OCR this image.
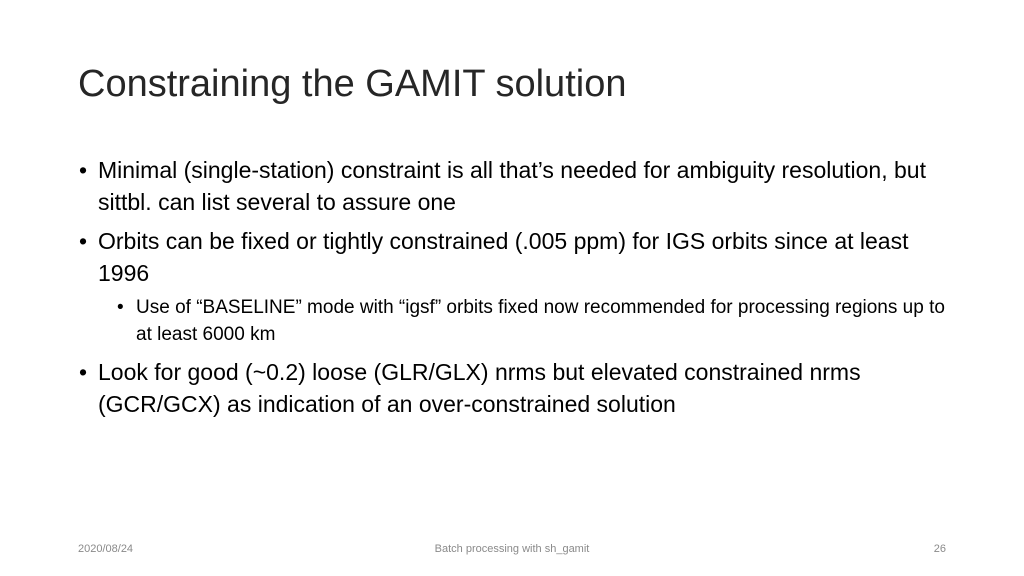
Constraining the GAMIT solution
• Minimal (single-station) constraint is all that’s needed for ambiguity resolution, but sittbl. can list several to assure one
• Orbits can be fixed or tightly constrained (.005 ppm) for IGS orbits since at least 1996
• Use of “BASELINE” mode with “igsf” orbits fixed now recommended for processing regions up to at least 6000 km
• Look for good (~0.2) loose (GLR/GLX) nrms but elevated constrained nrms (GCR/GCX) as indication of an over-constrained solution
2020/08/24	Batch processing with sh_gamit	26
